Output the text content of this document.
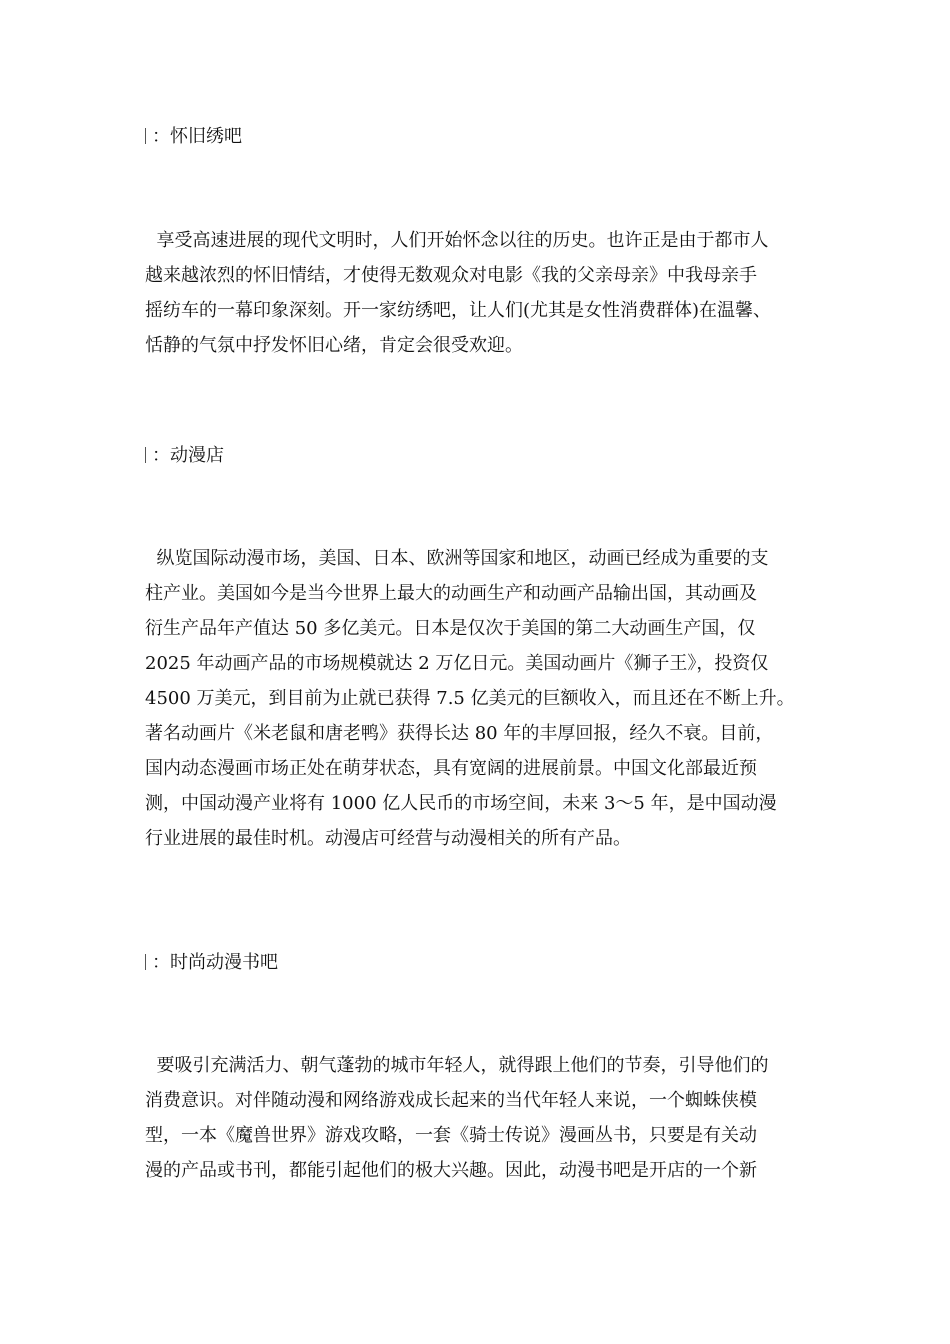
：怀旧绣吧
享受高速进展的现代文明时，人们开始怀念以往的历史。也许正是由于都市人
越来越浓烈的怀旧情结，才使得无数观众对电影《我的父亲母亲》中我母亲手
摇纺车的一幕印象深刻。开一家纺绣吧，让人们(尤其是女性消费群体)在温馨、
恬静的气氛中抒发怀旧心绪，肯定会很受欢迎。
：动漫店
纵览国际动漫市场，美国、日本、欧洲等国家和地区，动画已经成为重要的支
柱产业。美国如今是当今世界上最大的动画生产和动画产品输出国，其动画及
衍生产品年产值达 50 多亿美元。日本是仅次于美国的第二大动画生产国，仅
2025 年动画产品的市场规模就达 2 万亿日元。美国动画片《狮子王》，投资仅
4500 万美元，到目前为止就已获得 7.5 亿美元的巨额收入，而且还在不断上升。
著名动画片《米老鼠和唐老鸭》获得长达 80 年的丰厚回报，经久不衰。目前，
国内动态漫画市场正处在萌芽状态，具有宽阔的进展前景。中国文化部最近预
测，中国动漫产业将有 1000 亿人民币的市场空间，未来 3～5 年，是中国动漫
行业进展的最佳时机。动漫店可经营与动漫相关的所有产品。
：时尚动漫书吧
要吸引充满活力、朝气蓬勃的城市年轻人，就得跟上他们的节奏，引导他们的
消费意识。对伴随动漫和网络游戏成长起来的当代年轻人来说，一个蜘蛛侠模
型，一本《魔兽世界》游戏攻略，一套《骑士传说》漫画丛书，只要是有关动
漫的产品或书刊，都能引起他们的极大兴趣。因此，动漫书吧是开店的一个新
